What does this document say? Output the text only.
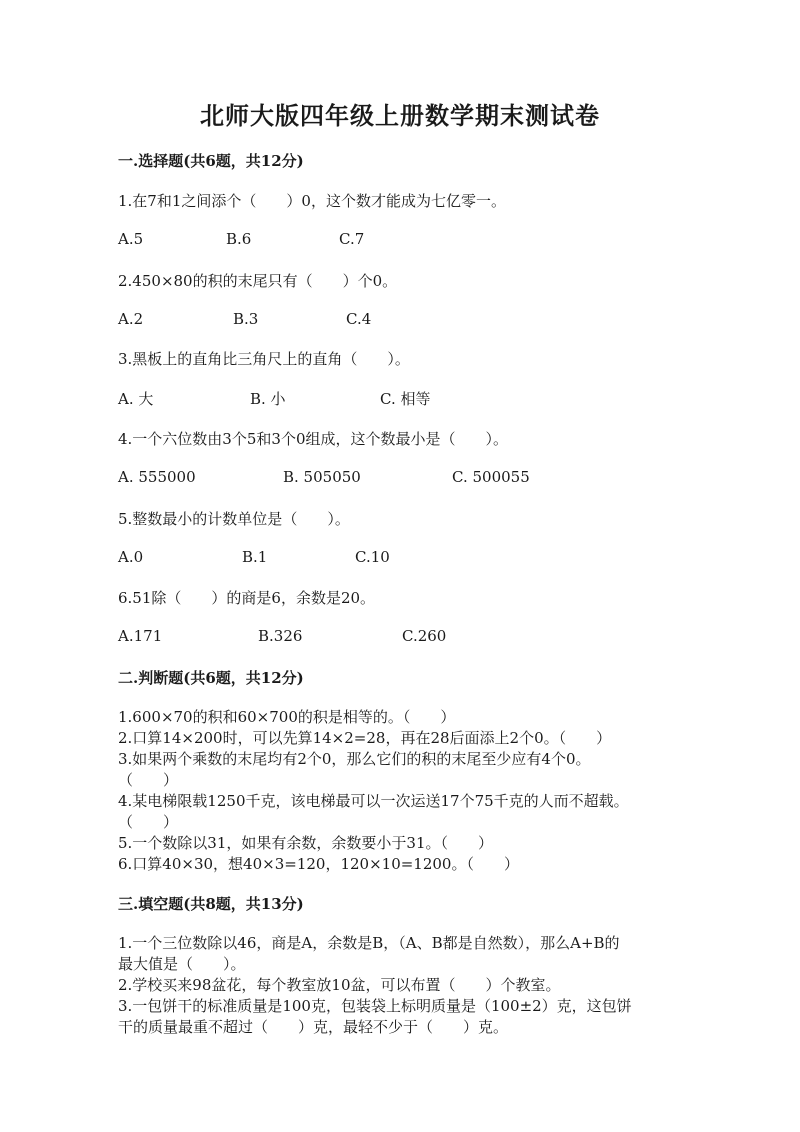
北师大版四年级上册数学期末测试卷
一.选择题(共6题，共12分)
1.在7和1之间添个（　　）0，这个数才能成为七亿零一。
A.5	B.6	C.7
2.450×80的积的末尾只有（　　）个0。
A.2	B.3	C.4
3.黑板上的直角比三角尺上的直角（　　）。
A. 大	B. 小	C. 相等
4.一个六位数由3个5和3个0组成，这个数最小是（　　）。
A. 555000	B. 505050	C. 500055
5.整数最小的计数单位是（　　）。
A.0	B.1	C.10
6.51除（　　）的商是6，余数是20。
A.171	B.326	C.260
二.判断题(共6题，共12分)
1.600×70的积和60×700的积是相等的。（　　）
2.口算14×200时，可以先算14×2=28，再在28后面添上2个0。（　　）
3.如果两个乘数的末尾均有2个0，那么它们的积的末尾至少应有4个0。
（　　）
4.某电梯限载1250千克，该电梯最可以一次运送17个75千克的人而不超载。
（　　）
5.一个数除以31，如果有余数，余数要小于31。（　　）
6.口算40×30，想40×3=120，120×10=1200。（　　）
三.填空题(共8题，共13分)
1.一个三位数除以46，商是A，余数是B，（A、B都是自然数），那么A+B的
最大值是（　　）。
2.学校买来98盆花，每个教室放10盆，可以布置（　　）个教室。
3.一包饼干的标准质量是100克，包装袋上标明质量是（100±2）克，这包饼
干的质量最重不超过（　　）克，最轻不少于（　　）克。
